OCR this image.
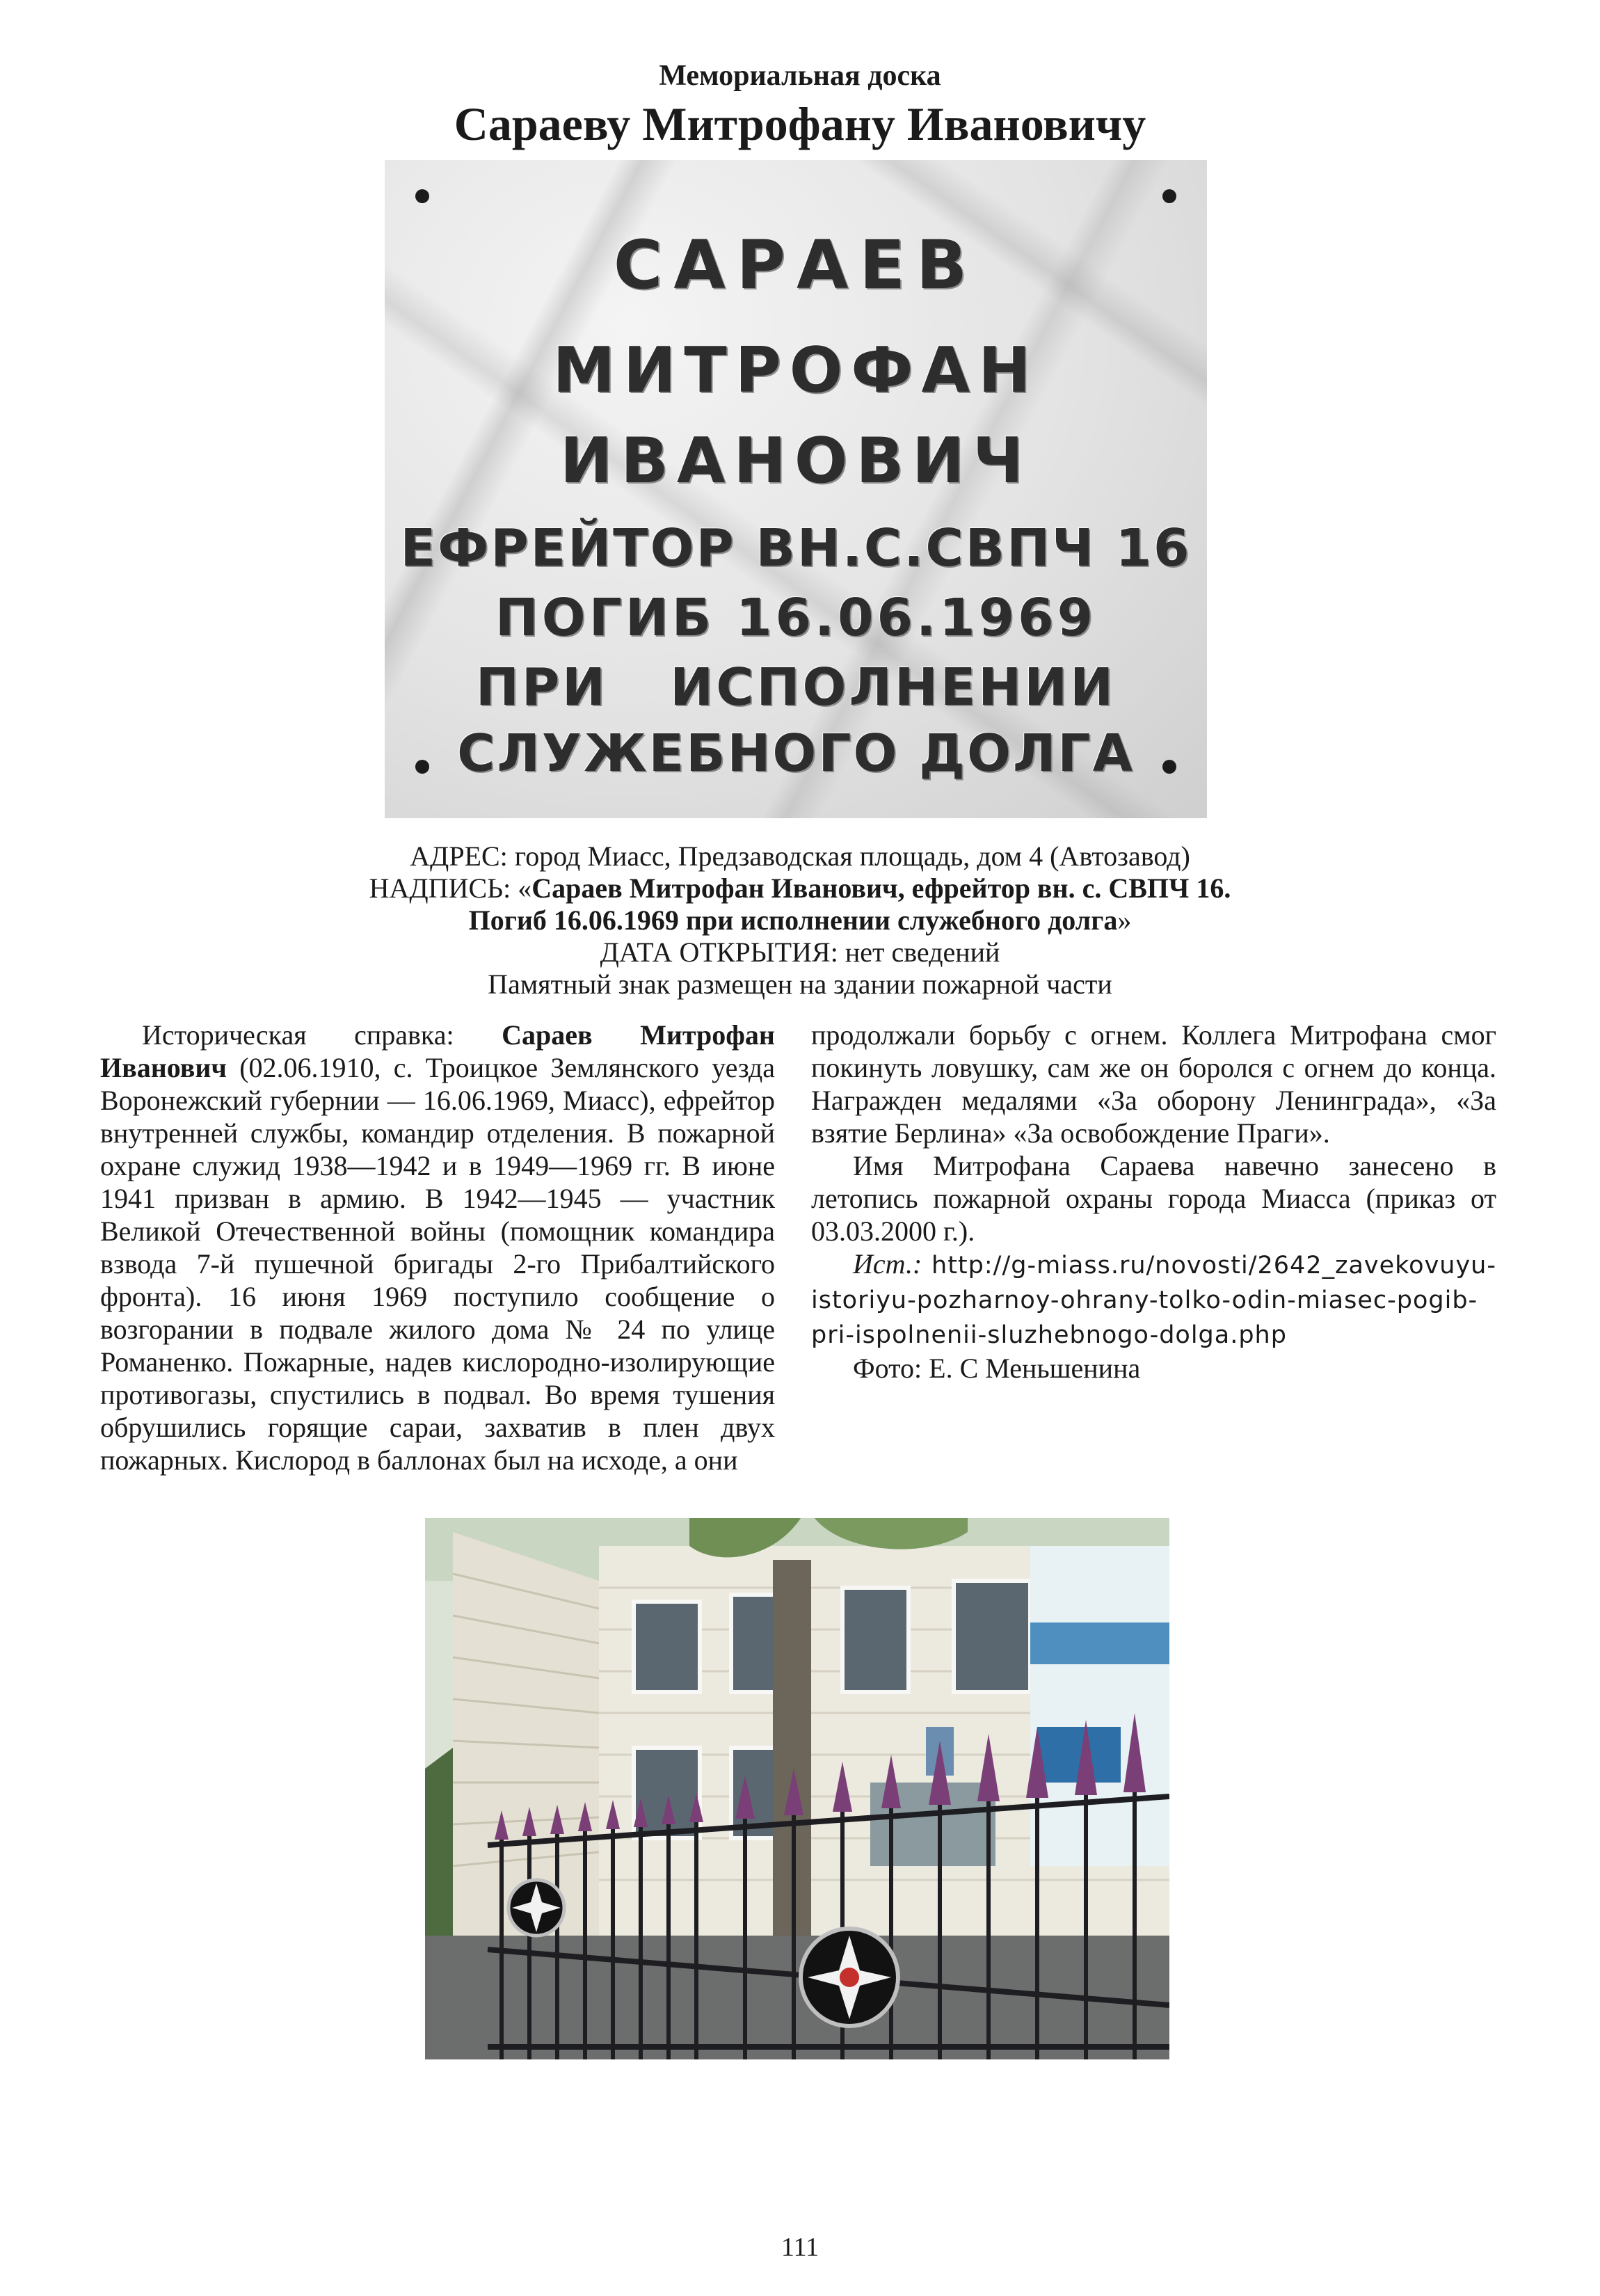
Мемориальная доска
Сараеву Митрофану Ивановичу
САРАЕВ
МИТРОФАН
ИВАНОВИЧ
ЕФРЕЙТОР ВН.С.СВПЧ 16
ПОГИБ 16.06.1969
ПРИ   ИСПОЛНЕНИИ
СЛУЖЕБНОГО ДОЛГА
АДРЕС: город Миасс, Предзаводская площадь, дом 4 (Автозавод)
НАДПИСЬ: «Сараев Митрофан Иванович, ефрейтор вн. с. СВПЧ 16.
Погиб 16.06.1969 при исполнении служебного долга»
ДАТА ОТКРЫТИЯ: нет сведений
Памятный знак размещен на здании пожарной части

Историческая справка: Сараев Митрофан Иванович (02.06.1910, с. Троицкое Землянского уезда Воронежский губернии — 16.06.1969, Миасс), ефрейтор внутренней службы, командир отделения. В пожарной охране служид 1938—1942 и в 1949—1969 гг. В июне 1941 призван в армию. В 1942—1945 — участник Великой Отечественной войны (помощник командира взвода 7-й пушечной бригады 2-го Прибалтийского фронта). 16 июня 1969 поступило сообщение о возгорании в подвале жилого дома № 24 по улице Романенко. Пожарные, надев кислородно-изолирующие противогазы, спустились в подвал. Во время тушения обрушились горящие сараи, захватив в плен двух пожарных. Кислород в баллонах был на исходе, а они

продолжали борьбу с огнем. Коллега Митрофана смог покинуть ловушку, сам же он боролся с огнем до конца. Награжден медалями «За оборону Ленинграда», «За взятие Берлина» «За освобождение Праги».

Имя Митрофана Сараева навечно занесено в летопись пожарной охраны города Миасса (приказ от 03.03.2000 г.).

Ист.: http://g-miass.ru/novosti/2642_zavekovuyu-istoriyu-pozharnoy-ohrany-tolko-odin-miasec-pogib-pri-ispolnenii-sluzhebnogo-dolga.php

Фото: Е. С Меньшенина

111
